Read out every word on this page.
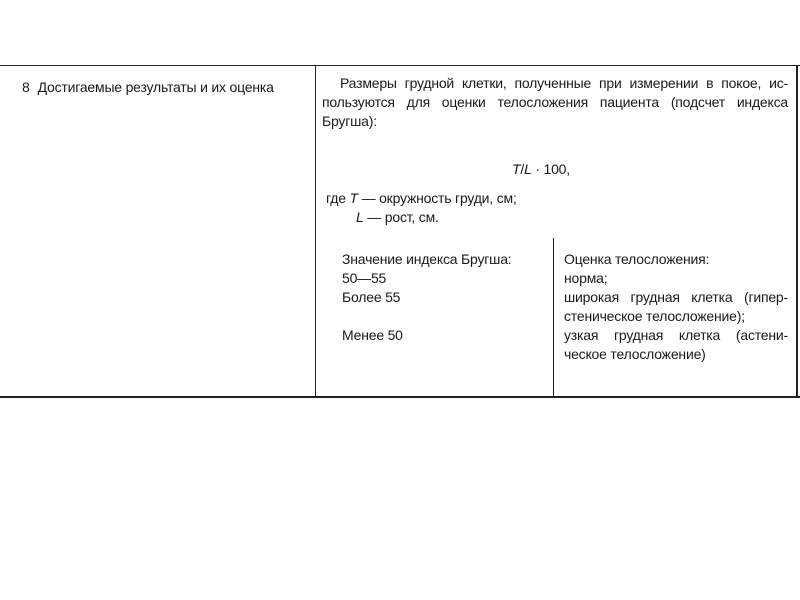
8 Достигаемые результаты и их оценка	Размеры грудной клетки, полученные при измерении в покое, ис-
пользуются для оценки телосложения пациента (подсчет индекса
Бругша):
T/L · 100,
где T — окружность груди, см;
L — рост, см.
Значение индекса Бругша:
50—55
Более 55
Менее 50
Оценка телосложения:
норма;
широкая грудная клетка (гипер-
стеническое телосложение);
узкая грудная клетка (астени-
ческое телосложение)
